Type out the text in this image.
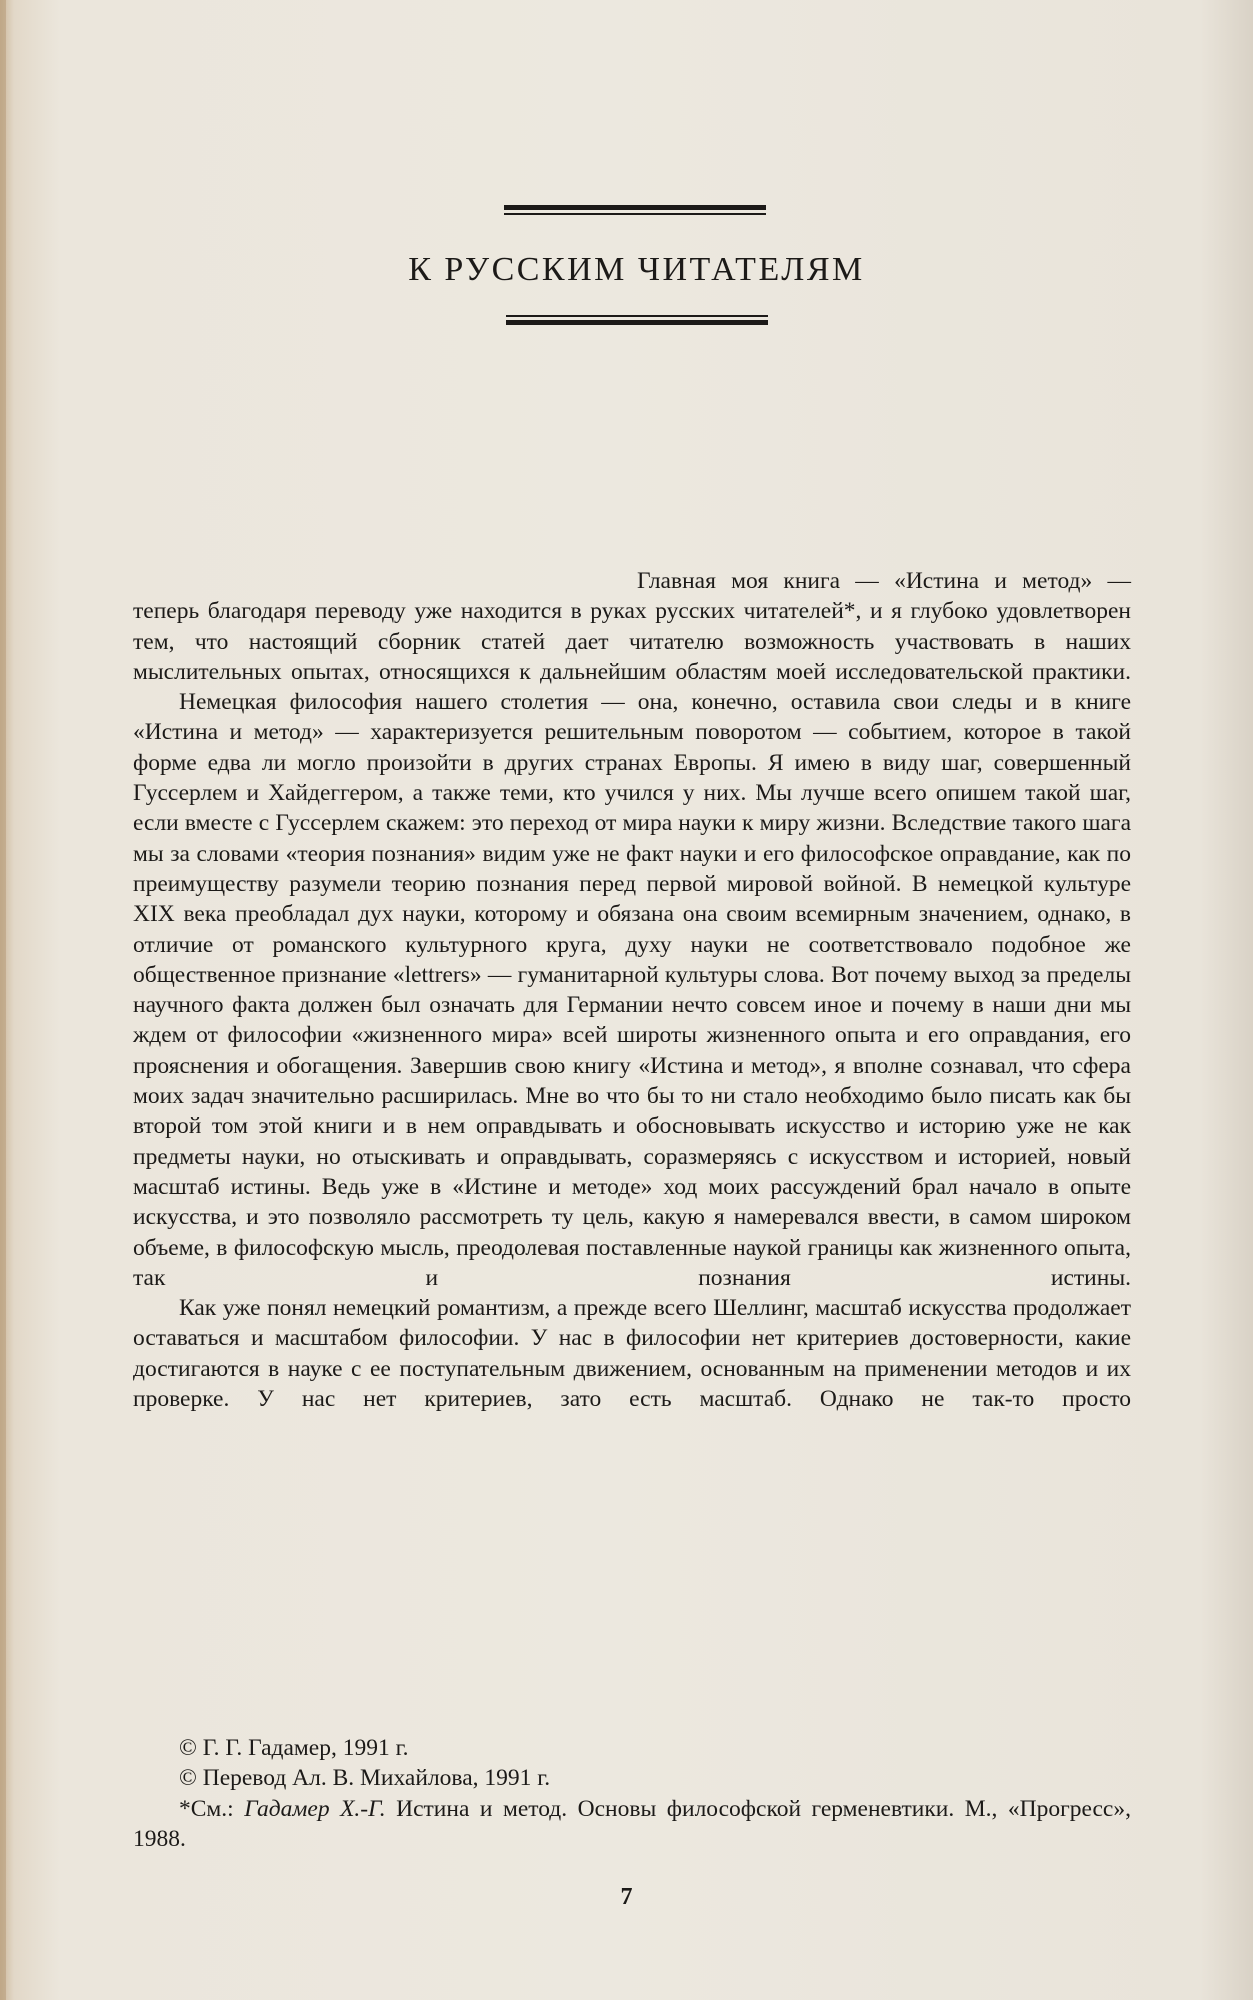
К РУССКИМ ЧИТАТЕЛЯМ

Главная моя книга — «Истина и метод» — теперь благодаря переводу уже находится в руках русских читателей*, и я глубоко удовлетворен тем, что настоящий сборник статей дает читателю возможность участвовать в наших мыслительных опытах, относящихся к дальнейшим областям моей исследовательской практики.

Немецкая философия нашего столетия — она, конечно, оставила свои следы и в книге «Истина и метод» — характеризуется решительным поворотом — событием, которое в такой форме едва ли могло произойти в других странах Европы. Я имею в виду шаг, совершенный Гуссерлем и Хайдеггером, а также теми, кто учился у них. Мы лучше всего опишем такой шаг, если вместе с Гуссерлем скажем: это переход от мира науки к миру жизни. Вследствие такого шага мы за словами «теория познания» видим уже не факт науки и его философское оправдание, как по преимуществу разумели теорию познания перед первой мировой войной. В немецкой культуре XIX века преобладал дух науки, которому и обязана она своим всемирным значением, однако, в отличие от романского культурного круга, духу науки не соответствовало подобное же общественное признание «lettrers» — гуманитарной культуры слова. Вот почему выход за пределы научного факта должен был означать для Германии нечто совсем иное и почему в наши дни мы ждем от философии «жизненного мира» всей широты жизненного опыта и его оправдания, его прояснения и обогащения. Завершив свою книгу «Истина и метод», я вполне сознавал, что сфера моих задач значительно расширилась. Мне во что бы то ни стало необходимо было писать как бы второй том этой книги и в нем оправдывать и обосновывать искусство и историю уже не как предметы науки, но отыскивать и оправдывать, соразмеряясь с искусством и историей, новый масштаб истины. Ведь уже в «Истине и методе» ход моих рассуждений брал начало в опыте искусства, и это позволяло рассмотреть ту цель, какую я намеревался ввести, в самом широком объеме, в философскую мысль, преодолевая поставленные наукой границы как жизненного опыта, так и познания истины.

Как уже понял немецкий романтизм, а прежде всего Шеллинг, масштаб искусства продолжает оставаться и масштабом философии. У нас в философии нет критериев достоверности, какие достигаются в науке с ее поступательным движением, основанным на применении методов и их проверке. У нас нет критериев, зато есть масштаб. Однако не так-то просто

© Г. Г. Гадамер, 1991 г.
© Перевод Ал. В. Михайлова, 1991 г.
*См.: Гадамер Х.-Г. Истина и метод. Основы философской герменевтики. М., «Прогресс», 1988.
7
